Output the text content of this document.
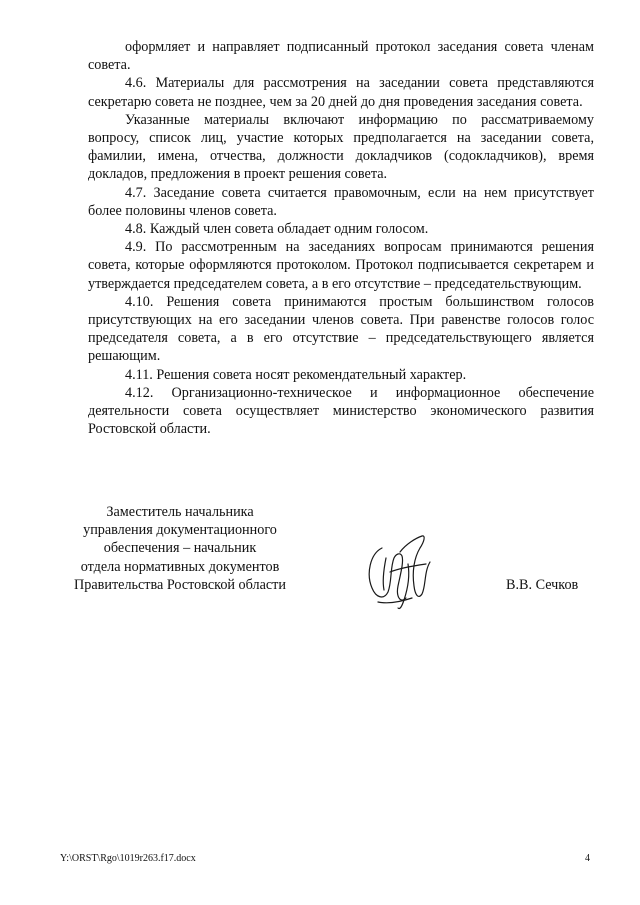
оформляет и направляет подписанный протокол заседания совета членам совета.

4.6. Материалы для рассмотрения на заседании совета представляются секретарю совета не позднее, чем за 20 дней до дня проведения заседания совета.

Указанные материалы включают информацию по рассматриваемому вопросу, список лиц, участие которых предполагается на заседании совета, фамилии, имена, отчества, должности докладчиков (содокладчиков), время докладов, предложения в проект решения совета.

4.7. Заседание совета считается правомочным, если на нем присутствует более половины членов совета.

4.8. Каждый член совета обладает одним голосом.

4.9. По рассмотренным на заседаниях вопросам принимаются решения совета, которые оформляются протоколом. Протокол подписывается секретарем и утверждается председателем совета, а в его отсутствие – председательствующим.

4.10. Решения совета принимаются простым большинством голосов присутствующих на его заседании членов совета. При равенстве голосов голос председателя совета, а в его отсутствие – председательствующего является решающим.

4.11. Решения совета носят рекомендательный характер.

4.12. Организационно-техническое и информационное обеспечение деятельности совета осуществляет министерство экономического развития Ростовской области.

Заместитель начальника
управления документационного
обеспечения – начальник
отдела нормативных документов
Правительства Ростовской области	В.В. Сечков
Y:\ORST\Rgo\1019r263.f17.docx	4
